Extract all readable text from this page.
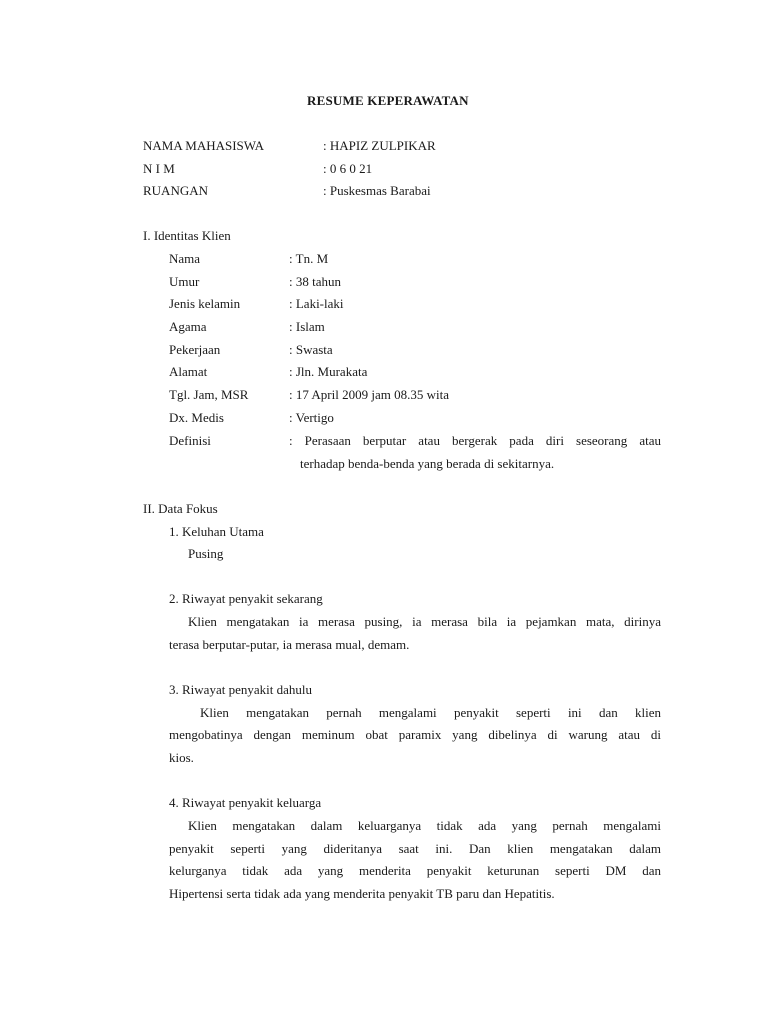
RESUME KEPERAWATAN
NAMA MAHASISWA	: HAPIZ ZULPIKAR
N I M	: 0 6 0 21
RUANGAN	: Puskesmas Barabai
I. Identitas Klien
Nama	: Tn. M
Umur	: 38 tahun
Jenis kelamin	: Laki-laki
Agama	: Islam
Pekerjaan	: Swasta
Alamat	: Jln. Murakata
Tgl. Jam, MSR	: 17 April 2009 jam 08.35 wita
Dx. Medis	: Vertigo
Definisi	: Perasaan berputar atau bergerak pada diri seseorang atau
terhadap benda-benda yang berada di sekitarnya.
II. Data Fokus
1. Keluhan Utama
Pusing
2. Riwayat penyakit sekarang
Klien mengatakan ia merasa pusing, ia merasa bila ia pejamkan mata, dirinya
terasa berputar-putar, ia merasa mual, demam.
3. Riwayat penyakit dahulu
Klien mengatakan pernah mengalami penyakit seperti ini dan klien
mengobatinya dengan meminum obat paramix yang dibelinya di warung atau di
kios.
4. Riwayat penyakit keluarga
Klien mengatakan dalam keluarganya tidak ada yang pernah mengalami
penyakit seperti yang dideritanya saat ini. Dan klien mengatakan dalam
kelurganya tidak ada yang menderita penyakit keturunan seperti DM dan
Hipertensi serta tidak ada yang menderita penyakit TB paru dan Hepatitis.
